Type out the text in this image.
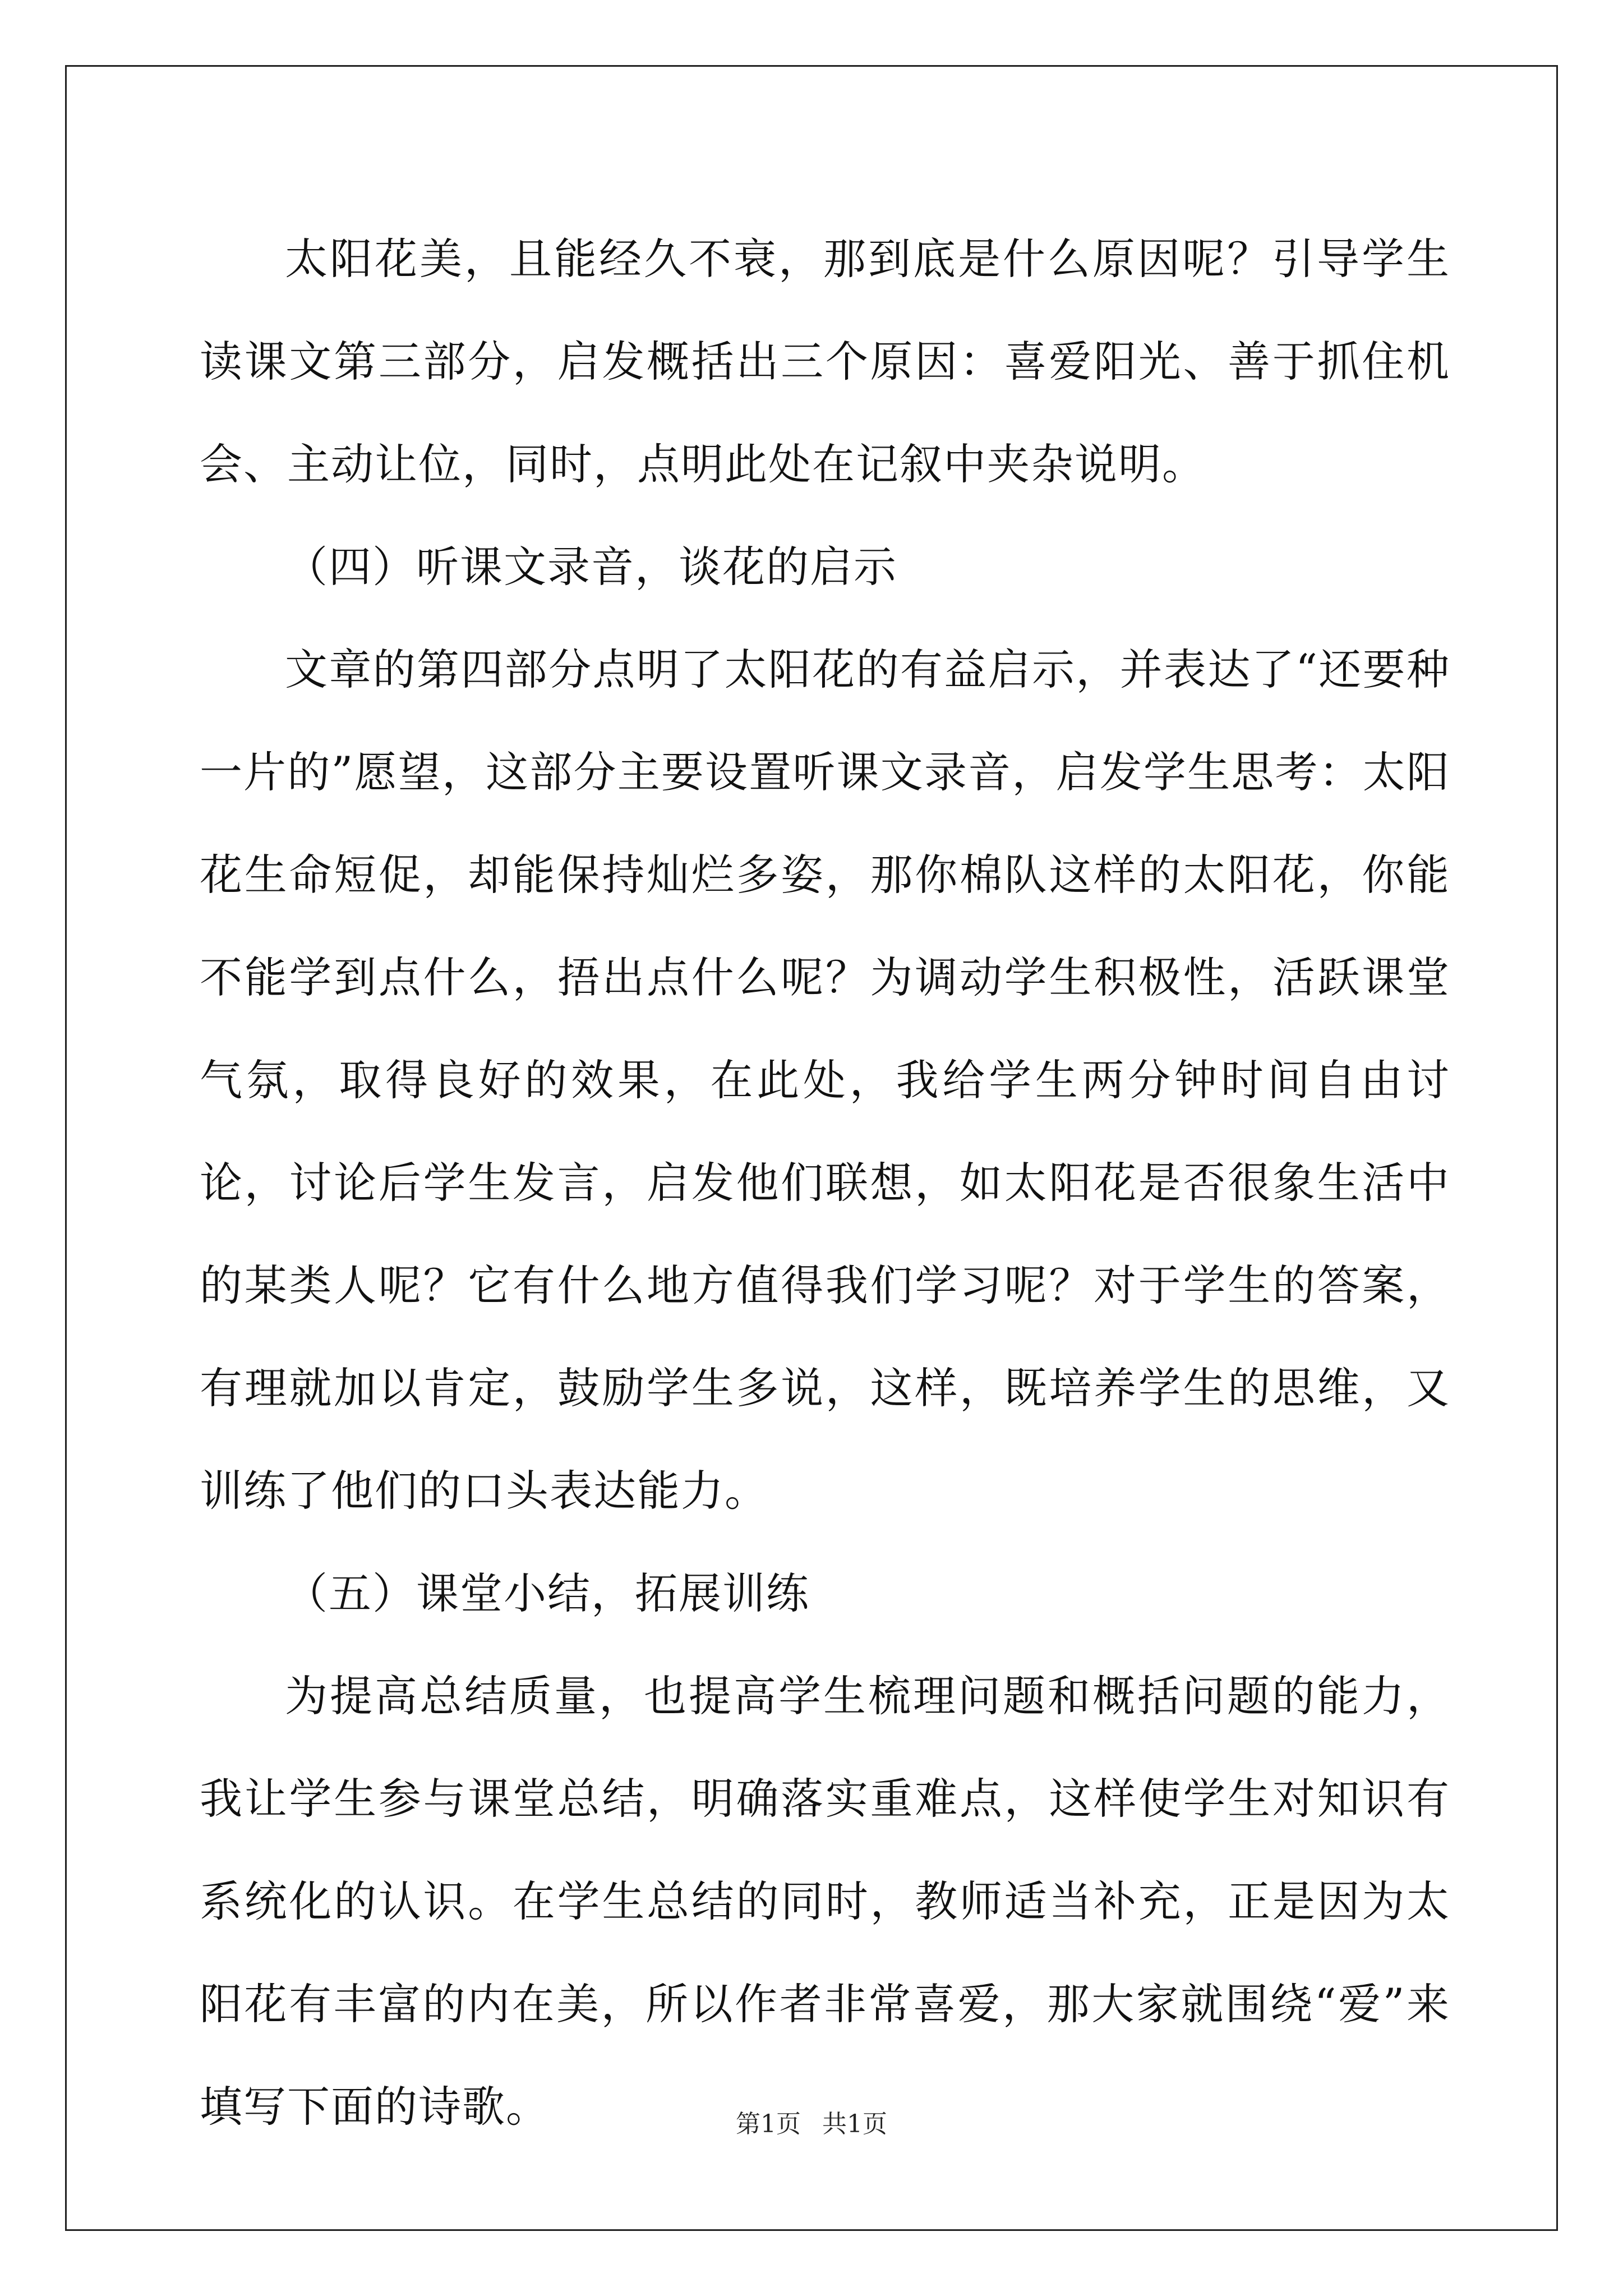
太阳花美，且能经久不衰，那到底是什么原因呢？引导学生读课文第三部分，启发概括出三个原因：喜爱阳光、善于抓住机会、主动让位，同时，点明此处在记叙中夹杂说明。

（四）听课文录音，谈花的启示

文章的第四部分点明了太阳花的有益启示，并表达了“还要种一片的”愿望，这部分主要设置听课文录音，启发学生思考：太阳花生命短促，却能保持灿烂多姿，那你棉队这样的太阳花，你能不能学到点什么，捂出点什么呢？为调动学生积极性，活跃课堂气氛，取得良好的效果，在此处，我给学生两分钟时间自由讨论，讨论后学生发言，启发他们联想，如太阳花是否很象生活中的某类人呢？它有什么地方值得我们学习呢？对于学生的答案，有理就加以肯定，鼓励学生多说，这样，既培养学生的思维，又训练了他们的口头表达能力。

（五）课堂小结，拓展训练

为提高总结质量，也提高学生梳理问题和概括问题的能力，我让学生参与课堂总结，明确落实重难点，这样使学生对知识有系统化的认识。在学生总结的同时，教师适当补充，正是因为太阳花有丰富的内在美，所以作者非常喜爱，那大家就围绕“爱”来填写下面的诗歌。	第1页 共1页
